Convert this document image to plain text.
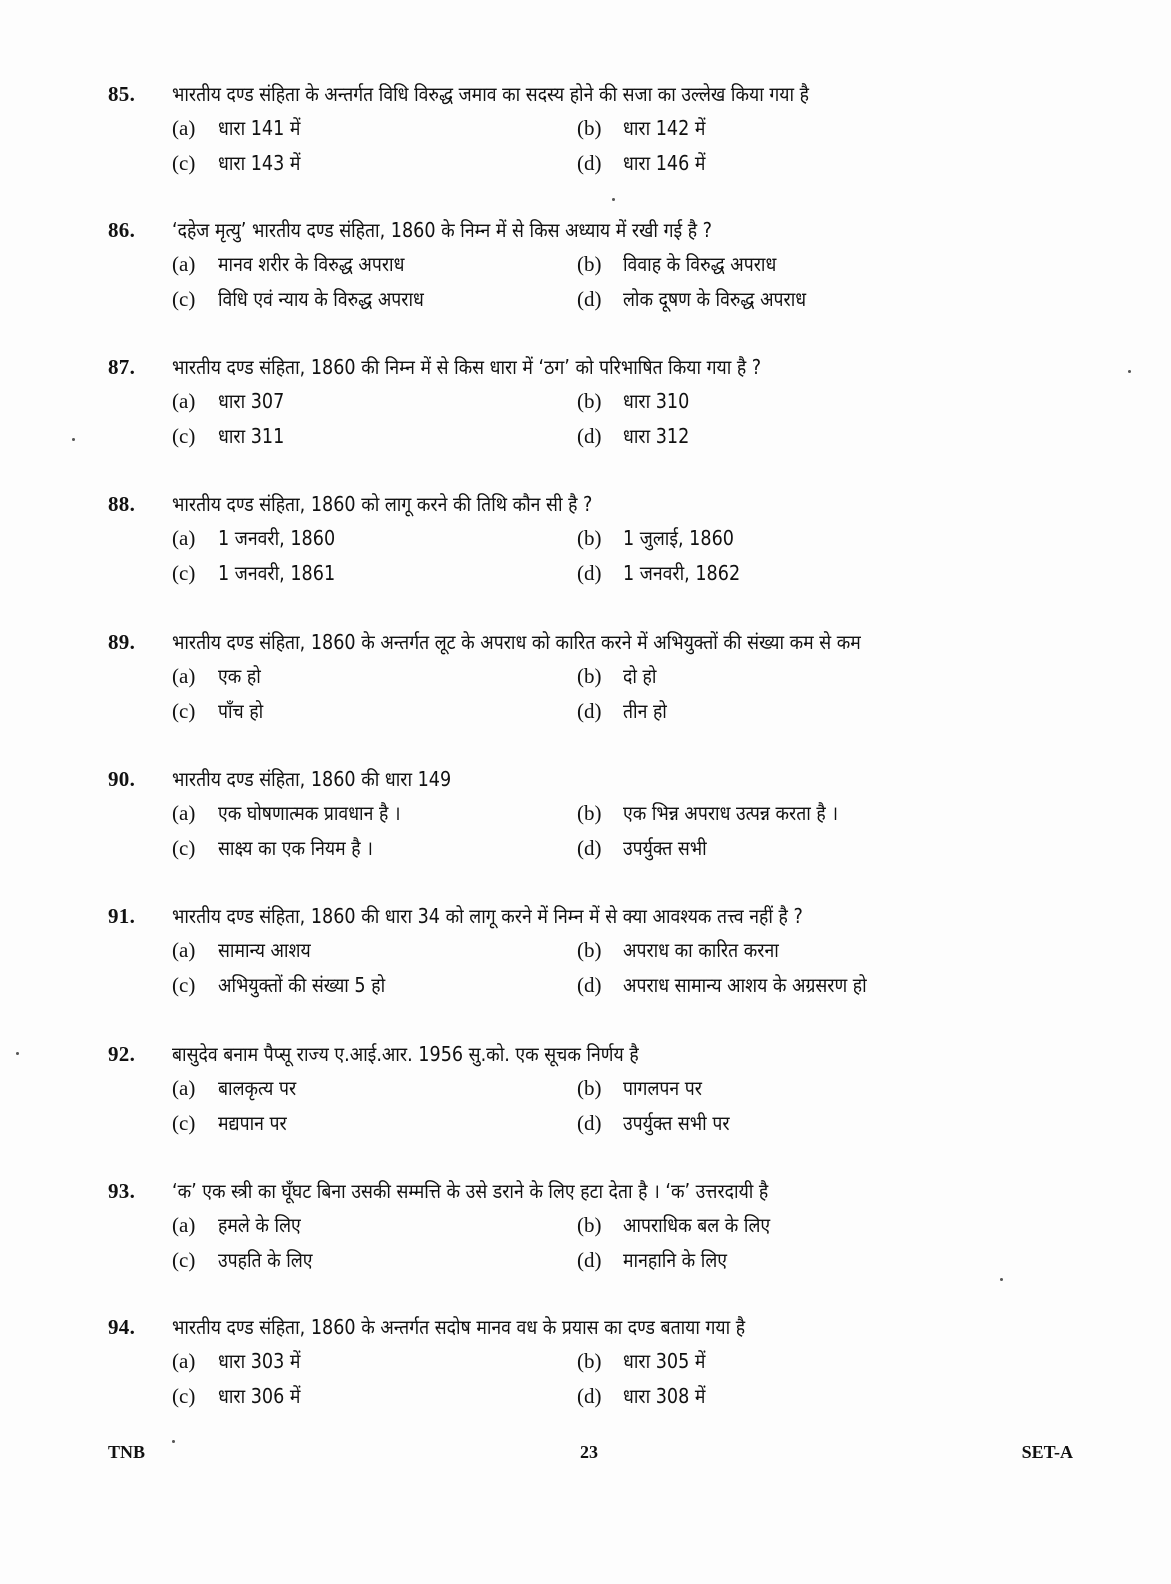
85.	भारतीय दण्ड संहिता के अन्तर्गत विधि विरुद्ध जमाव का सदस्य होने की सजा का उल्लेख किया गया है
(a)	धारा 141 में	(b)	धारा 142 में
(c)	धारा 143 में	(d)	धारा 146 में
86.	‘दहेज मृत्यु’ भारतीय दण्ड संहिता, 1860 के निम्न में से किस अध्याय में रखी गई है ?
(a)	मानव शरीर के विरुद्ध अपराध	(b)	विवाह के विरुद्ध अपराध
(c)	विधि एवं न्याय के विरुद्ध अपराध	(d)	लोक दूषण के विरुद्ध अपराध
87.	भारतीय दण्ड संहिता, 1860 की निम्न में से किस धारा में ‘ठग’ को परिभाषित किया गया है ?
(a)	धारा 307	(b)	धारा 310
(c)	धारा 311	(d)	धारा 312
88.	भारतीय दण्ड संहिता, 1860 को लागू करने की तिथि कौन सी है ?
(a)	1 जनवरी, 1860	(b)	1 जुलाई, 1860
(c)	1 जनवरी, 1861	(d)	1 जनवरी, 1862
89.	भारतीय दण्ड संहिता, 1860 के अन्तर्गत लूट के अपराध को कारित करने में अभियुक्तों की संख्या कम से कम
(a)	एक हो	(b)	दो हो
(c)	पाँच हो	(d)	तीन हो
90.	भारतीय दण्ड संहिता, 1860 की धारा 149
(a)	एक घोषणात्मक प्रावधान है ।	(b)	एक भिन्न अपराध उत्पन्न करता है ।
(c)	साक्ष्य का एक नियम है ।	(d)	उपर्युक्त सभी
91.	भारतीय दण्ड संहिता, 1860 की धारा 34 को लागू करने में निम्न में से क्या आवश्यक तत्त्व नहीं है ?
(a)	सामान्य आशय	(b)	अपराध का कारित करना
(c)	अभियुक्तों की संख्या 5 हो	(d)	अपराध सामान्य आशय के अग्रसरण हो
92.	बासुदेव बनाम पैप्सू राज्य ए.आई.आर. 1956 सु.को. एक सूचक निर्णय है
(a)	बालकृत्य पर	(b)	पागलपन पर
(c)	मद्यपान पर	(d)	उपर्युक्त सभी पर
93.	‘क’ एक स्त्री का घूँघट बिना उसकी सम्मत्ति के उसे डराने के लिए हटा देता है । ‘क’ उत्तरदायी है
(a)	हमले के लिए	(b)	आपराधिक बल के लिए
(c)	उपहति के लिए	(d)	मानहानि के लिए
94.	भारतीय दण्ड संहिता, 1860 के अन्तर्गत सदोष मानव वध के प्रयास का दण्ड बताया गया है
(a)	धारा 303 में	(b)	धारा 305 में
(c)	धारा 306 में	(d)	धारा 308 में
TNB	23	SET-A
